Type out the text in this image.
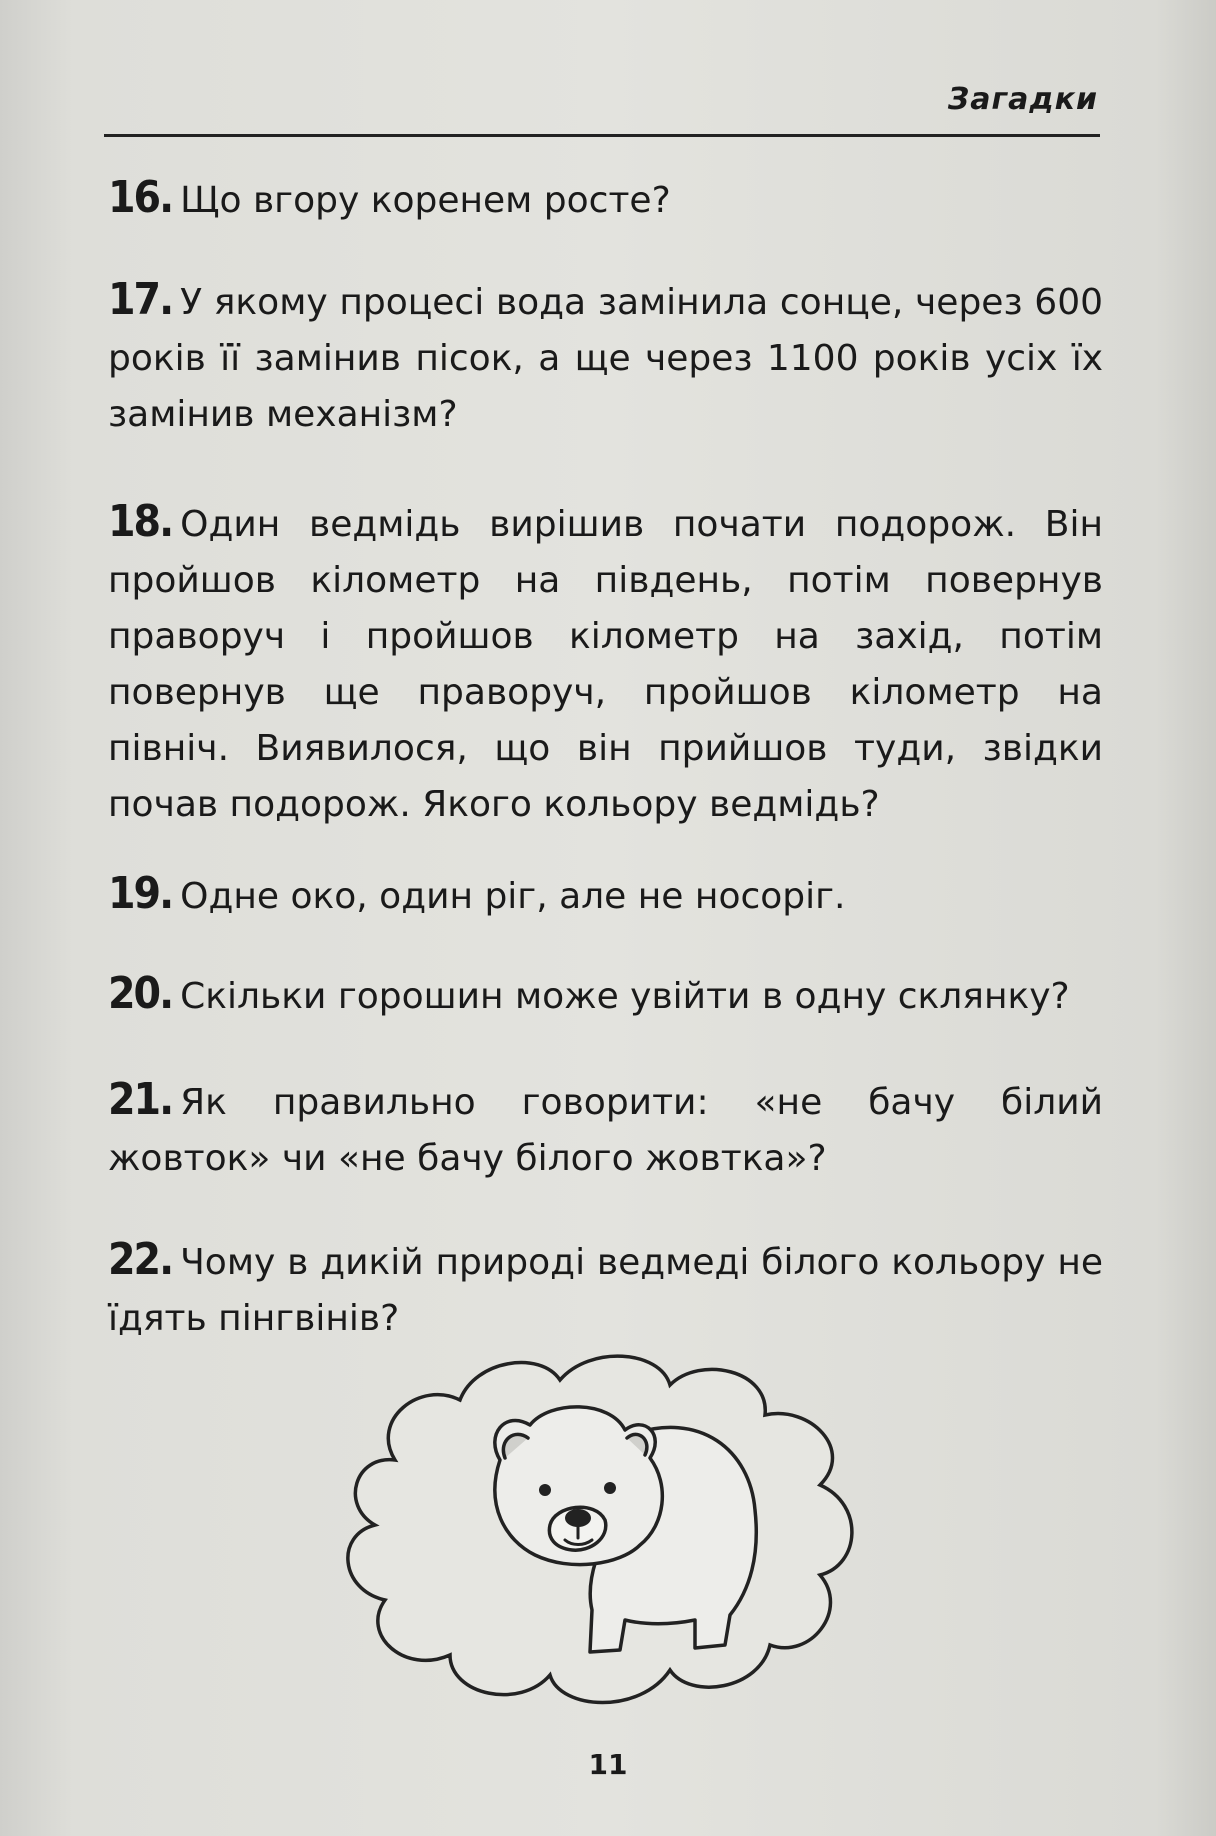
Загадки
16. Що вгору коренем росте?
17. У якому процесі вода замінила сонце, через 600 років її замінив пісок, а ще через 1100 років усіх їх замінив механізм?
18. Один ведмідь вирішив почати подорож. Він пройшов кілометр на південь, потім повернув праворуч і пройшов кілометр на захід, потім повернув ще праворуч, пройшов кілометр на північ. Виявилося, що він прийшов туди, звідки почав подорож. Якого кольору ведмідь?
19. Одне око, один ріг, але не носоріг.
20. Скільки горошин може увійти в одну склянку?
21. Як правильно говорити: «не бачу білий жовток» чи «не бачу білого жовтка»?
22. Чому в дикій природі ведмеді білого кольору не їдять пінгвінів?
11
